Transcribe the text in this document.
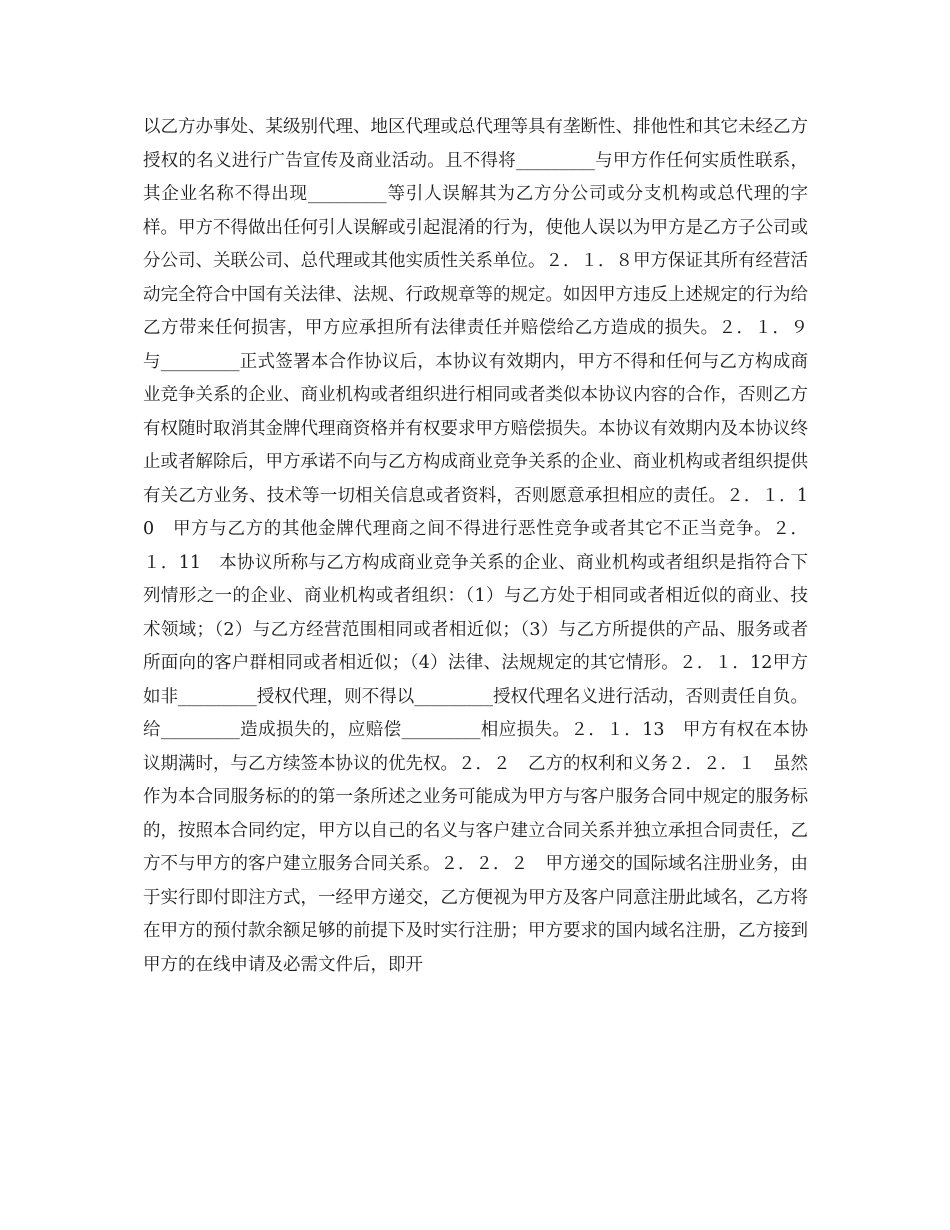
以乙方办事处、某级别代理、地区代理或总代理等具有垄断性、排他性和其它未经乙方授权的名义进行广告宣传及商业活动。且不得将_________与甲方作任何实质性联系，其企业名称不得出现_________等引人误解其为乙方分公司或分支机构或总代理的字样。甲方不得做出任何引人误解或引起混淆的行为，使他人误以为甲方是乙方子公司或分公司、关联公司、总代理或其他实质性关系单位。２．１．８甲方保证其所有经营活动完全符合中国有关法律、法规、行政规章等的规定。如因甲方违反上述规定的行为给乙方带来任何损害，甲方应承担所有法律责任并赔偿给乙方造成的损失。２．１．９　与_________正式签署本合作协议后，本协议有效期内，甲方不得和任何与乙方构成商业竞争关系的企业、商业机构或者组织进行相同或者类似本协议内容的合作，否则乙方有权随时取消其金牌代理商资格并有权要求甲方赔偿损失。本协议有效期内及本协议终止或者解除后，甲方承诺不向与乙方构成商业竞争关系的企业、商业机构或者组织提供有关乙方业务、技术等一切相关信息或者资料，否则愿意承担相应的责任。２．１．10　甲方与乙方的其他金牌代理商之间不得进行恶性竞争或者其它不正当竞争。２．１．11　本协议所称与乙方构成商业竞争关系的企业、商业机构或者组织是指符合下列情形之一的企业、商业机构或者组织：（1）与乙方处于相同或者相近似的商业、技术领域；（2）与乙方经营范围相同或者相近似；（3）与乙方所提供的产品、服务或者所面向的客户群相同或者相近似；（4）法律、法规规定的其它情形。２．１．12甲方如非_________授权代理，则不得以_________授权代理名义进行活动，否则责任自负。给_________造成损失的，应赔偿_________相应损失。２．１．13　甲方有权在本协议期满时，与乙方续签本协议的优先权。２．２　乙方的权利和义务２．２．１　虽然作为本合同服务标的的第一条所述之业务可能成为甲方与客户服务合同中规定的服务标的，按照本合同约定，甲方以自己的名义与客户建立合同关系并独立承担合同责任，乙方不与甲方的客户建立服务合同关系。２．２．２　甲方递交的国际域名注册业务，由于实行即付即注方式，一经甲方递交，乙方便视为甲方及客户同意注册此域名，乙方将在甲方的预付款余额足够的前提下及时实行注册；甲方要求的国内域名注册，乙方接到甲方的在线申请及必需文件后，即开
